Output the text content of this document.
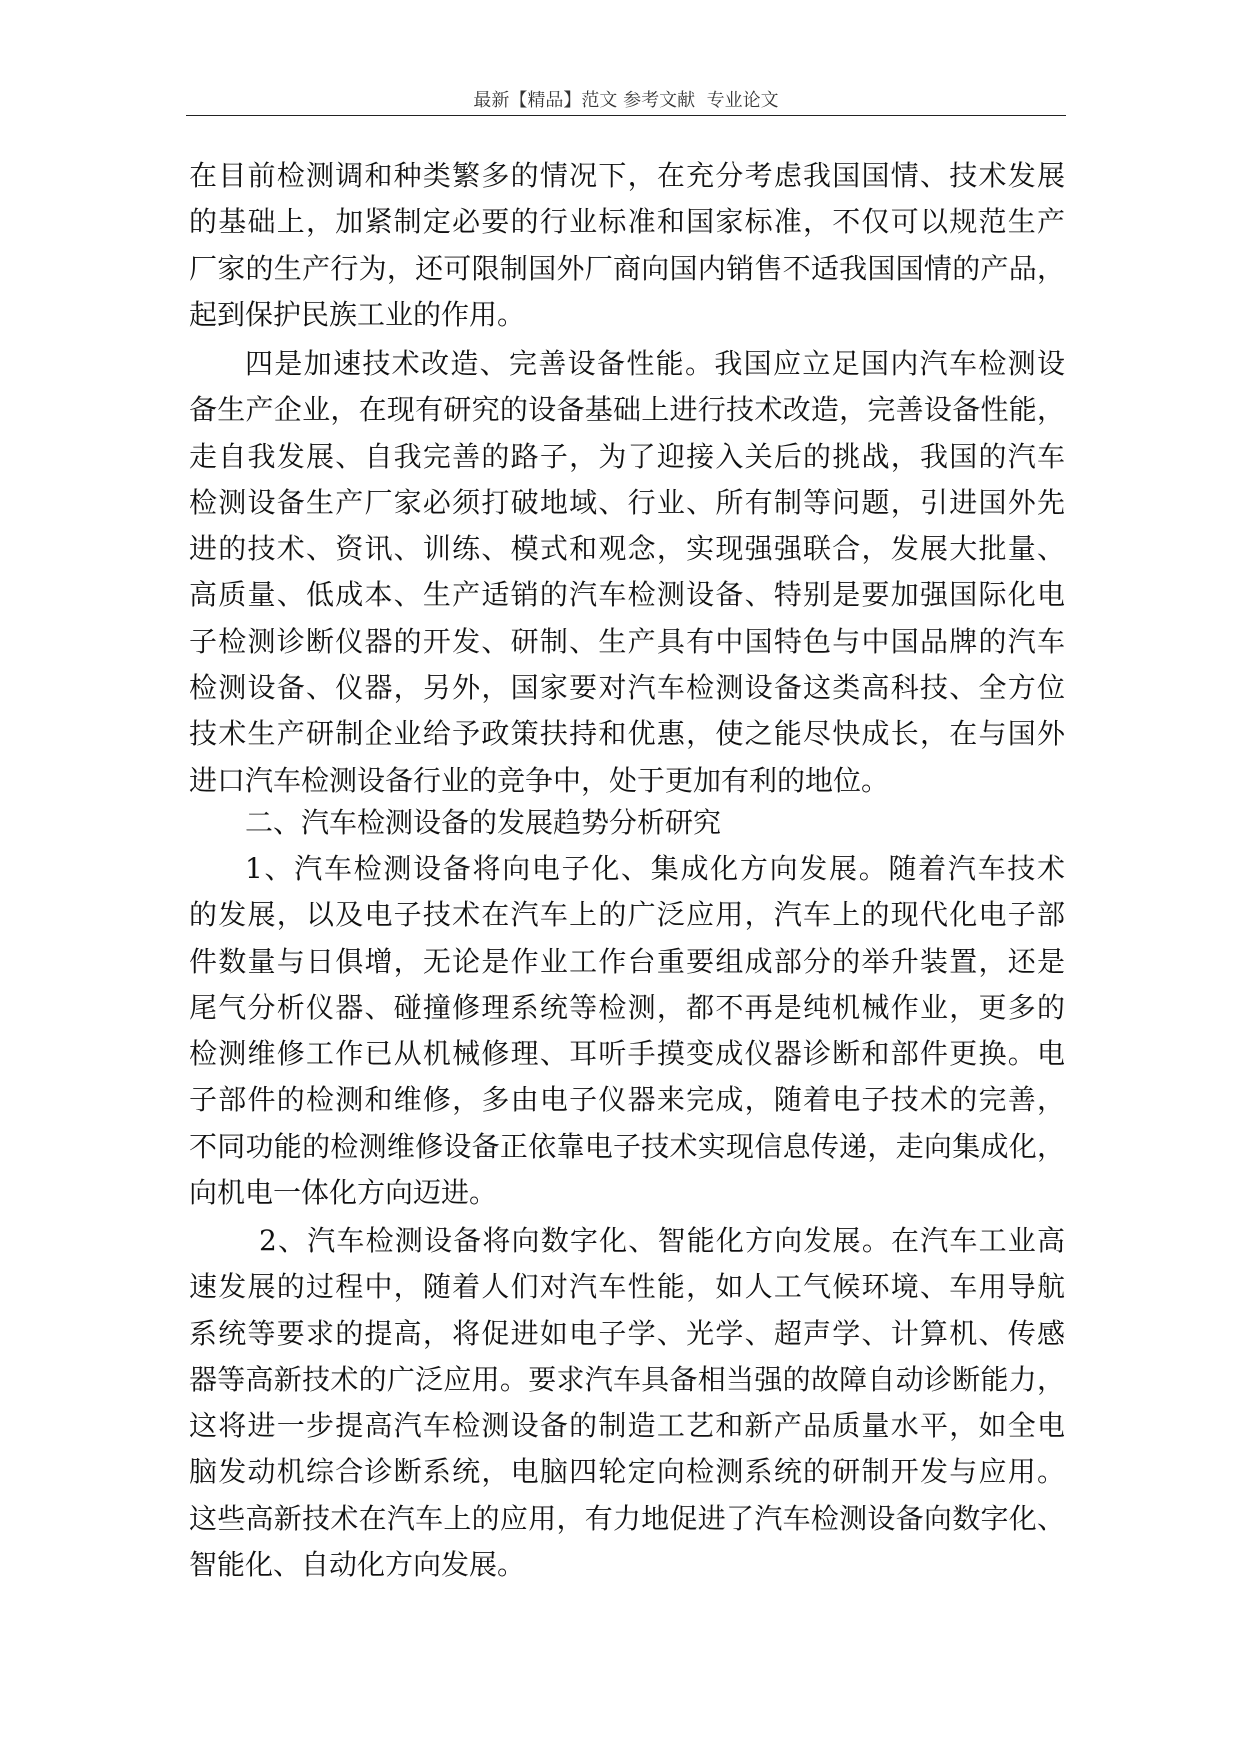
最新【精品】范文 参考文献  专业论文
在目前检测调和种类繁多的情况下，在充分考虑我国国情、技术发展
的基础上，加紧制定必要的行业标准和国家标准，不仅可以规范生产
厂家的生产行为，还可限制国外厂商向国内销售不适我国国情的产品，
起到保护民族工业的作用。
四是加速技术改造、完善设备性能。我国应立足国内汽车检测设
备生产企业，在现有研究的设备基础上进行技术改造，完善设备性能，
走自我发展、自我完善的路子，为了迎接入关后的挑战，我国的汽车
检测设备生产厂家必须打破地域、行业、所有制等问题，引进国外先
进的技术、资讯、训练、模式和观念，实现强强联合，发展大批量、
高质量、低成本、生产适销的汽车检测设备、特别是要加强国际化电
子检测诊断仪器的开发、研制、生产具有中国特色与中国品牌的汽车
检测设备、仪器，另外，国家要对汽车检测设备这类高科技、全方位
技术生产研制企业给予政策扶持和优惠，使之能尽快成长，在与国外
进口汽车检测设备行业的竞争中，处于更加有利的地位。
二、汽车检测设备的发展趋势分析研究
1、汽车检测设备将向电子化、集成化方向发展。随着汽车技术
的发展，以及电子技术在汽车上的广泛应用，汽车上的现代化电子部
件数量与日俱增，无论是作业工作台重要组成部分的举升装置，还是
尾气分析仪器、碰撞修理系统等检测，都不再是纯机械作业，更多的
检测维修工作已从机械修理、耳听手摸变成仪器诊断和部件更换。电
子部件的检测和维修，多由电子仪器来完成，随着电子技术的完善，
不同功能的检测维修设备正依靠电子技术实现信息传递，走向集成化，
向机电一体化方向迈进。
2、汽车检测设备将向数字化、智能化方向发展。在汽车工业高
速发展的过程中，随着人们对汽车性能，如人工气候环境、车用导航
系统等要求的提高，将促进如电子学、光学、超声学、计算机、传感
器等高新技术的广泛应用。要求汽车具备相当强的故障自动诊断能力，
这将进一步提高汽车检测设备的制造工艺和新产品质量水平，如全电
脑发动机综合诊断系统，电脑四轮定向检测系统的研制开发与应用。
这些高新技术在汽车上的应用，有力地促进了汽车检测设备向数字化、
智能化、自动化方向发展。
